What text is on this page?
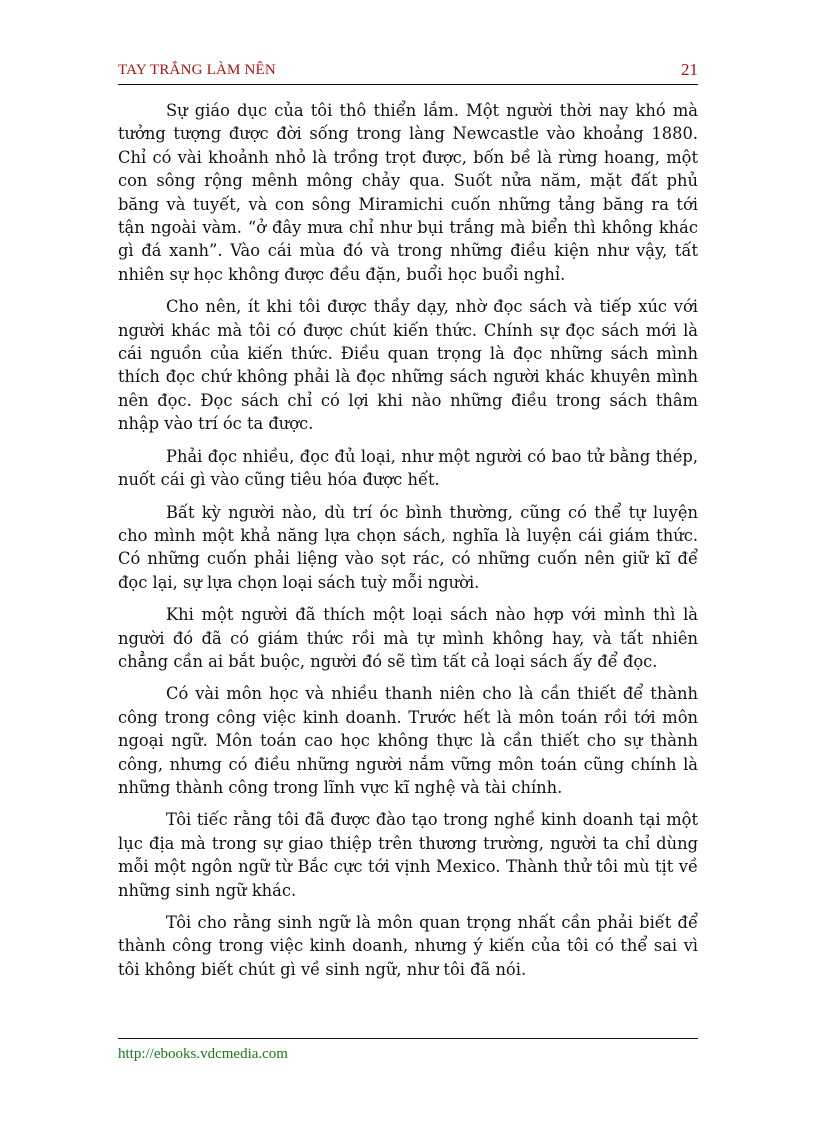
TAY TRẮNG LÀM NÊN	21

Sự giáo dục của tôi thô thiển lắm. Một người thời nay khó mà tưởng tượng được đời sống trong làng Newcastle vào khoảng 1880. Chỉ có vài khoảnh nhỏ là trồng trọt được, bốn bề là rừng hoang, một con sông rộng mênh mông chảy qua. Suốt nửa năm, mặt đất phủ băng và tuyết, và con sông Miramichi cuốn những tảng băng ra tới tận ngoài vàm. “ở đây mưa chỉ như bụi trắng mà biển thì không khác gì đá xanh”. Vào cái mùa đó và trong những điều kiện như vậy, tất nhiên sự học không được đều đặn, buổi học buổi nghỉ.

Cho nên, ít khi tôi được thầy dạy, nhờ đọc sách và tiếp xúc với người khác mà tôi có được chút kiến thức. Chính sự đọc sách mới là cái nguồn của kiến thức. Điều quan trọng là đọc những sách mình thích đọc chứ không phải là đọc những sách người khác khuyên mình nên đọc. Đọc sách chỉ có lợi khi nào những điều trong sách thâm nhập vào trí óc ta được.

Phải đọc nhiều, đọc đủ loại, như một người có bao tử bằng thép, nuốt cái gì vào cũng tiêu hóa được hết.

Bất kỳ người nào, dù trí óc bình thường, cũng có thể tự luyện cho mình một khả năng lựa chọn sách, nghĩa là luyện cái giám thức. Có những cuốn phải liệng vào sọt rác, có những cuốn nên giữ kĩ để đọc lại, sự lựa chọn loại sách tuỳ mỗi người.

Khi một người đã thích một loại sách nào hợp với mình thì là người đó đã có giám thức rồi mà tự mình không hay, và tất nhiên chẳng cần ai bắt buộc, người đó sẽ tìm tất cả loại sách ấy để đọc.

Có vài môn học và nhiều thanh niên cho là cần thiết để thành công trong công việc kinh doanh. Trước hết là môn toán rồi tới môn ngoại ngữ. Môn toán cao học không thực là cần thiết cho sự thành công, nhưng có điều những người nắm vững môn toán cũng chính là những thành công trong lĩnh vực kĩ nghệ và tài chính.

Tôi tiếc rằng tôi đã được đào tạo trong nghề kinh doanh tại một lục địa mà trong sự giao thiệp trên thương trường, người ta chỉ dùng mỗi một ngôn ngữ từ Bắc cực tới vịnh Mexico. Thành thử tôi mù tịt về những sinh ngữ khác.

Tôi cho rằng sinh ngữ là môn quan trọng nhất cần phải biết để thành công trong việc kinh doanh, nhưng ý kiến của tôi có thể sai vì tôi không biết chút gì về sinh ngữ, như tôi đã nói.

http://ebooks.vdcmedia.com
